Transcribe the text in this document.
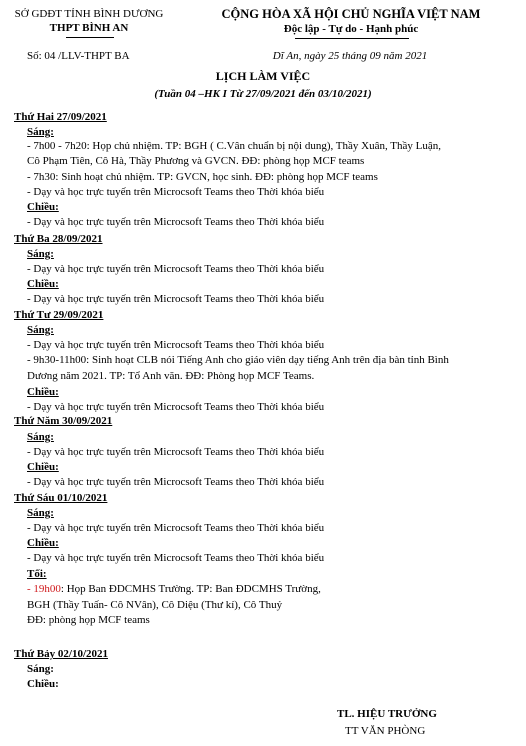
SỞ GDĐT TỈNH BÌNH DƯƠNG
THPT BÌNH AN
Số: 04 /LLV-THPT BA
CỘNG HÒA XÃ HỘI CHỦ NGHĨA VIỆT NAM
Độc lập - Tự do - Hạnh phúc
Dĩ An, ngày 25 tháng 09 năm 2021
LỊCH LÀM VIỆC
(Tuần 04 –HK I Từ 27/09/2021 đến 03/10/2021)
Thứ Hai 27/09/2021
Sáng:
- 7h00 - 7h20: Họp chủ nhiệm. TP: BGH ( C.Vân chuẩn bị nội dung), Thầy Xuân, Thầy Luận,
Cô Phạm Tiên, Cô Hà, Thầy Phương và GVCN. ĐĐ: phòng họp MCF teams
- 7h30: Sinh hoạt chủ nhiệm. TP: GVCN, học sinh. ĐĐ: phòng họp MCF teams
- Dạy và học trực tuyến trên Microcsoft Teams theo Thời khóa biểu
Chiều:
- Dạy và học trực tuyến trên Microcsoft Teams theo Thời khóa biểu
Thứ Ba 28/09/2021
Sáng:
- Dạy và học trực tuyến trên Microcsoft Teams theo Thời khóa biểu
Chiều:
- Dạy và học trực tuyến trên Microcsoft Teams theo Thời khóa biểu
Thứ Tư 29/09/2021
Sáng:
- Dạy và học trực tuyến trên Microcsoft Teams theo Thời khóa biểu
- 9h30-11h00: Sinh hoạt CLB nói Tiếng Anh cho giáo viên dạy tiếng Anh trên địa bàn tỉnh Bình
Dương năm 2021. TP: Tổ Anh văn. ĐĐ: Phòng họp MCF Teams.
Chiều:
- Dạy và học trực tuyến trên Microcsoft Teams theo Thời khóa biểu
Thứ Năm 30/09/2021
Sáng:
- Dạy và học trực tuyến trên Microcsoft Teams theo Thời khóa biểu
Chiều:
- Dạy và học trực tuyến trên Microcsoft Teams theo Thời khóa biểu
Thứ Sáu 01/10/2021
Sáng:
- Dạy và học trực tuyến trên Microcsoft Teams theo Thời khóa biểu
Chiều:
- Dạy và học trực tuyến trên Microcsoft Teams theo Thời khóa biểu
Tối:
- 19h00: Họp Ban ĐDCMHS Trường. TP: Ban ĐDCMHS Trường,
BGH (Thầy Tuấn- Cô NVân), Cô Diệu (Thư kí), Cô Thuỷ
ĐĐ: phòng họp MCF teams
Thứ Bảy 02/10/2021
Sáng:
Chiều:
TL. HIỆU TRƯỞNG
TT VĂN PHÒNG
